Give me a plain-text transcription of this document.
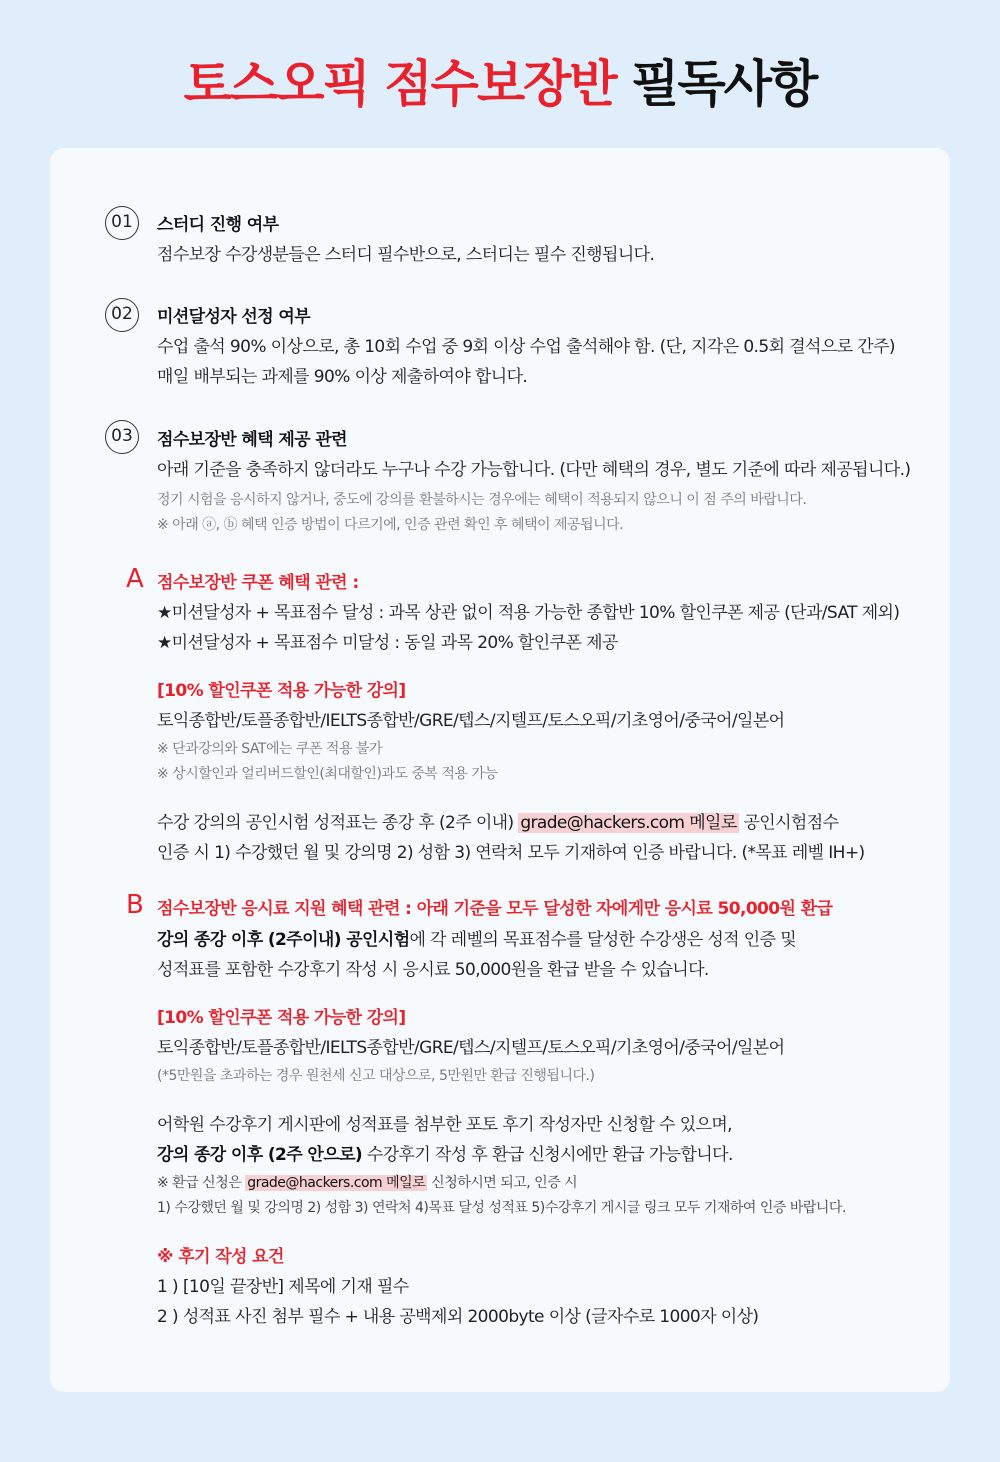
토스오픽 점수보장반 필독사항
01	스터디 진행 여부
점수보장 수강생분들은 스터디 필수반으로, 스터디는 필수 진행됩니다.
02	미션달성자 선정 여부
수업 출석 90% 이상으로, 총 10회 수업 중 9회 이상 수업 출석해야 함. (단, 지각은 0.5회 결석으로 간주)
매일 배부되는 과제를 90% 이상 제출하여야 합니다.
03	점수보장반 혜택 제공 관련
아래 기준을 충족하지 않더라도 누구나 수강 가능합니다. (다만 혜택의 경우, 별도 기준에 따라 제공됩니다.)
정기 시험을 응시하지 않거나, 중도에 강의를 환불하시는 경우에는 혜택이 적용되지 않으니 이 점 주의 바랍니다.
※ 아래 ⓐ, ⓑ 혜택 인증 방법이 다르기에, 인증 관련 확인 후 혜택이 제공됩니다.
A 점수보장반 쿠폰 혜택 관련 :
★미션달성자 + 목표점수 달성 : 과목 상관 없이 적용 가능한 종합반 10% 할인쿠폰 제공 (단과/SAT 제외)
★미션달성자 + 목표점수 미달성 : 동일 과목 20% 할인쿠폰 제공
[10% 할인쿠폰 적용 가능한 강의]
토익종합반/토플종합반/IELTS종합반/GRE/텝스/지텔프/토스오픽/기초영어/중국어/일본어
※ 단과강의와 SAT에는 쿠폰 적용 불가
※ 상시할인과 얼리버드할인(최대할인)과도 중복 적용 가능
수강 강의의 공인시험 성적표는 종강 후 (2주 이내) grade@hackers.com 메일로 공인시험점수
인증 시 1) 수강했던 월 및 강의명 2) 성함 3) 연락처 모두 기재하여 인증 바랍니다. (*목표 레벨 IH+)
B 점수보장반 응시료 지원 혜택 관련 : 아래 기준을 모두 달성한 자에게만 응시료 50,000원 환급
강의 종강 이후 (2주이내) 공인시험에 각 레벨의 목표점수를 달성한 수강생은 성적 인증 및
성적표를 포함한 수강후기 작성 시 응시료 50,000원을 환급 받을 수 있습니다.
[10% 할인쿠폰 적용 가능한 강의]
토익종합반/토플종합반/IELTS종합반/GRE/텝스/지텔프/토스오픽/기초영어/중국어/일본어
(*5만원을 초과하는 경우 원천세 신고 대상으로, 5만원만 환급 진행됩니다.)
어학원 수강후기 게시판에 성적표를 첨부한 포토 후기 작성자만 신청할 수 있으며,
강의 종강 이후 (2주 안으로) 수강후기 작성 후 환급 신청시에만 환급 가능합니다.
※ 환급 신청은 grade@hackers.com 메일로 신청하시면 되고, 인증 시
1) 수강했던 월 및 강의명 2) 성함 3) 연락처 4)목표 달성 성적표 5)수강후기 게시글 링크 모두 기재하여 인증 바랍니다.
※ 후기 작성 요건
1 ) [10일 끝장반] 제목에 기재 필수
2 ) 성적표 사진 첨부 필수 + 내용 공백제외 2000byte 이상 (글자수로 1000자 이상)
